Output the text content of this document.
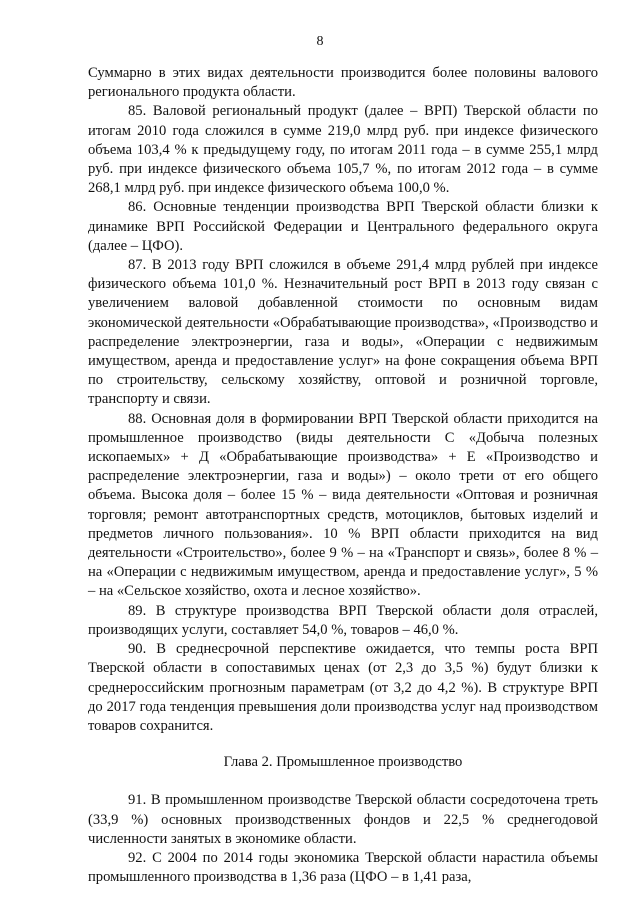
8

Суммарно в этих видах деятельности производится более половины валового регионального продукта области.

85. Валовой региональный продукт (далее – ВРП) Тверской области по итогам 2010 года сложился в сумме 219,0 млрд руб. при индексе физического объема 103,4 % к предыдущему году, по итогам 2011 года – в сумме 255,1 млрд руб. при индексе физического объема 105,7 %, по итогам 2012 года – в сумме 268,1 млрд руб. при индексе физического объема 100,0 %.

86. Основные тенденции производства ВРП Тверской области близки к динамике ВРП Российской Федерации и Центрального федерального округа (далее – ЦФО).

87. В 2013 году ВРП сложился в объеме 291,4 млрд рублей при индексе физического объема 101,0 %. Незначительный рост ВРП в 2013 году связан с увеличением валовой добавленной стоимости по основным видам экономической деятельности «Обрабатывающие производства», «Производство и распределение электроэнергии, газа и воды», «Операции с недвижимым имуществом, аренда и предоставление услуг» на фоне сокращения объема ВРП по строительству, сельскому хозяйству, оптовой и розничной торговле, транспорту и связи.

88. Основная доля в формировании ВРП Тверской области приходится на промышленное производство (виды деятельности С «Добыча полезных ископаемых» + Д «Обрабатывающие производства» + Е «Производство и распределение электроэнергии, газа и воды») – около трети от его общего объема. Высока доля – более 15 % – вида деятельности «Оптовая и розничная торговля; ремонт автотранспортных средств, мотоциклов, бытовых изделий и предметов личного пользования». 10 % ВРП области приходится на вид деятельности «Строительство», более 9 % – на «Транспорт и связь», более 8 % – на «Операции с недвижимым имуществом, аренда и предоставление услуг», 5 % – на «Сельское хозяйство, охота и лесное хозяйство».

89. В структуре производства ВРП Тверской области доля отраслей, производящих услуги, составляет 54,0 %, товаров – 46,0 %.

90. В среднесрочной перспективе ожидается, что темпы роста ВРП Тверской области в сопоставимых ценах (от 2,3 до 3,5 %) будут близки к среднероссийским прогнозным параметрам (от 3,2 до 4,2 %). В структуре ВРП до 2017 года тенденция превышения доли производства услуг над производством товаров сохранится.

Глава 2. Промышленное производство

91. В промышленном производстве Тверской области сосредоточена треть (33,9 %) основных производственных фондов и 22,5 % среднегодовой численности занятых в экономике области.

92. С 2004 по 2014 годы экономика Тверской области нарастила объемы промышленного производства в 1,36 раза (ЦФО – в 1,41 раза,
